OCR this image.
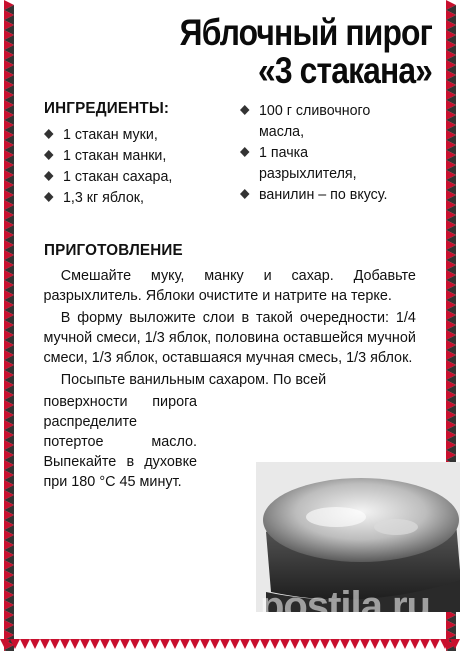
Яблочный пирог
«3 стакана»
ИНГРЕДИЕНТЫ:
1 стакан муки,
1 стакан манки,
1 стакан сахара,
1,3 кг яблок,
100 г сливочного масла,
1 пачка разрыхлителя,
ванилин – по вкусу.
ПРИГОТОВЛЕНИЕ

Смешайте муку, манку и сахар. Добавьте разрыхлитель. Яблоки очистите и натрите на терке.

В форму выложите слои в такой очередности: 1/4 мучной смеси, 1/3 яблок, половина оставшейся мучной смеси, 1/3 яблок, оставшаяся мучная смесь, 1/3 яблок.

Посыпьте ванильным сахаром. По всей

поверхности пирога распределите потертое масло. Выпекайте в духовке при 180 °С 45 минут.

postila.ru
